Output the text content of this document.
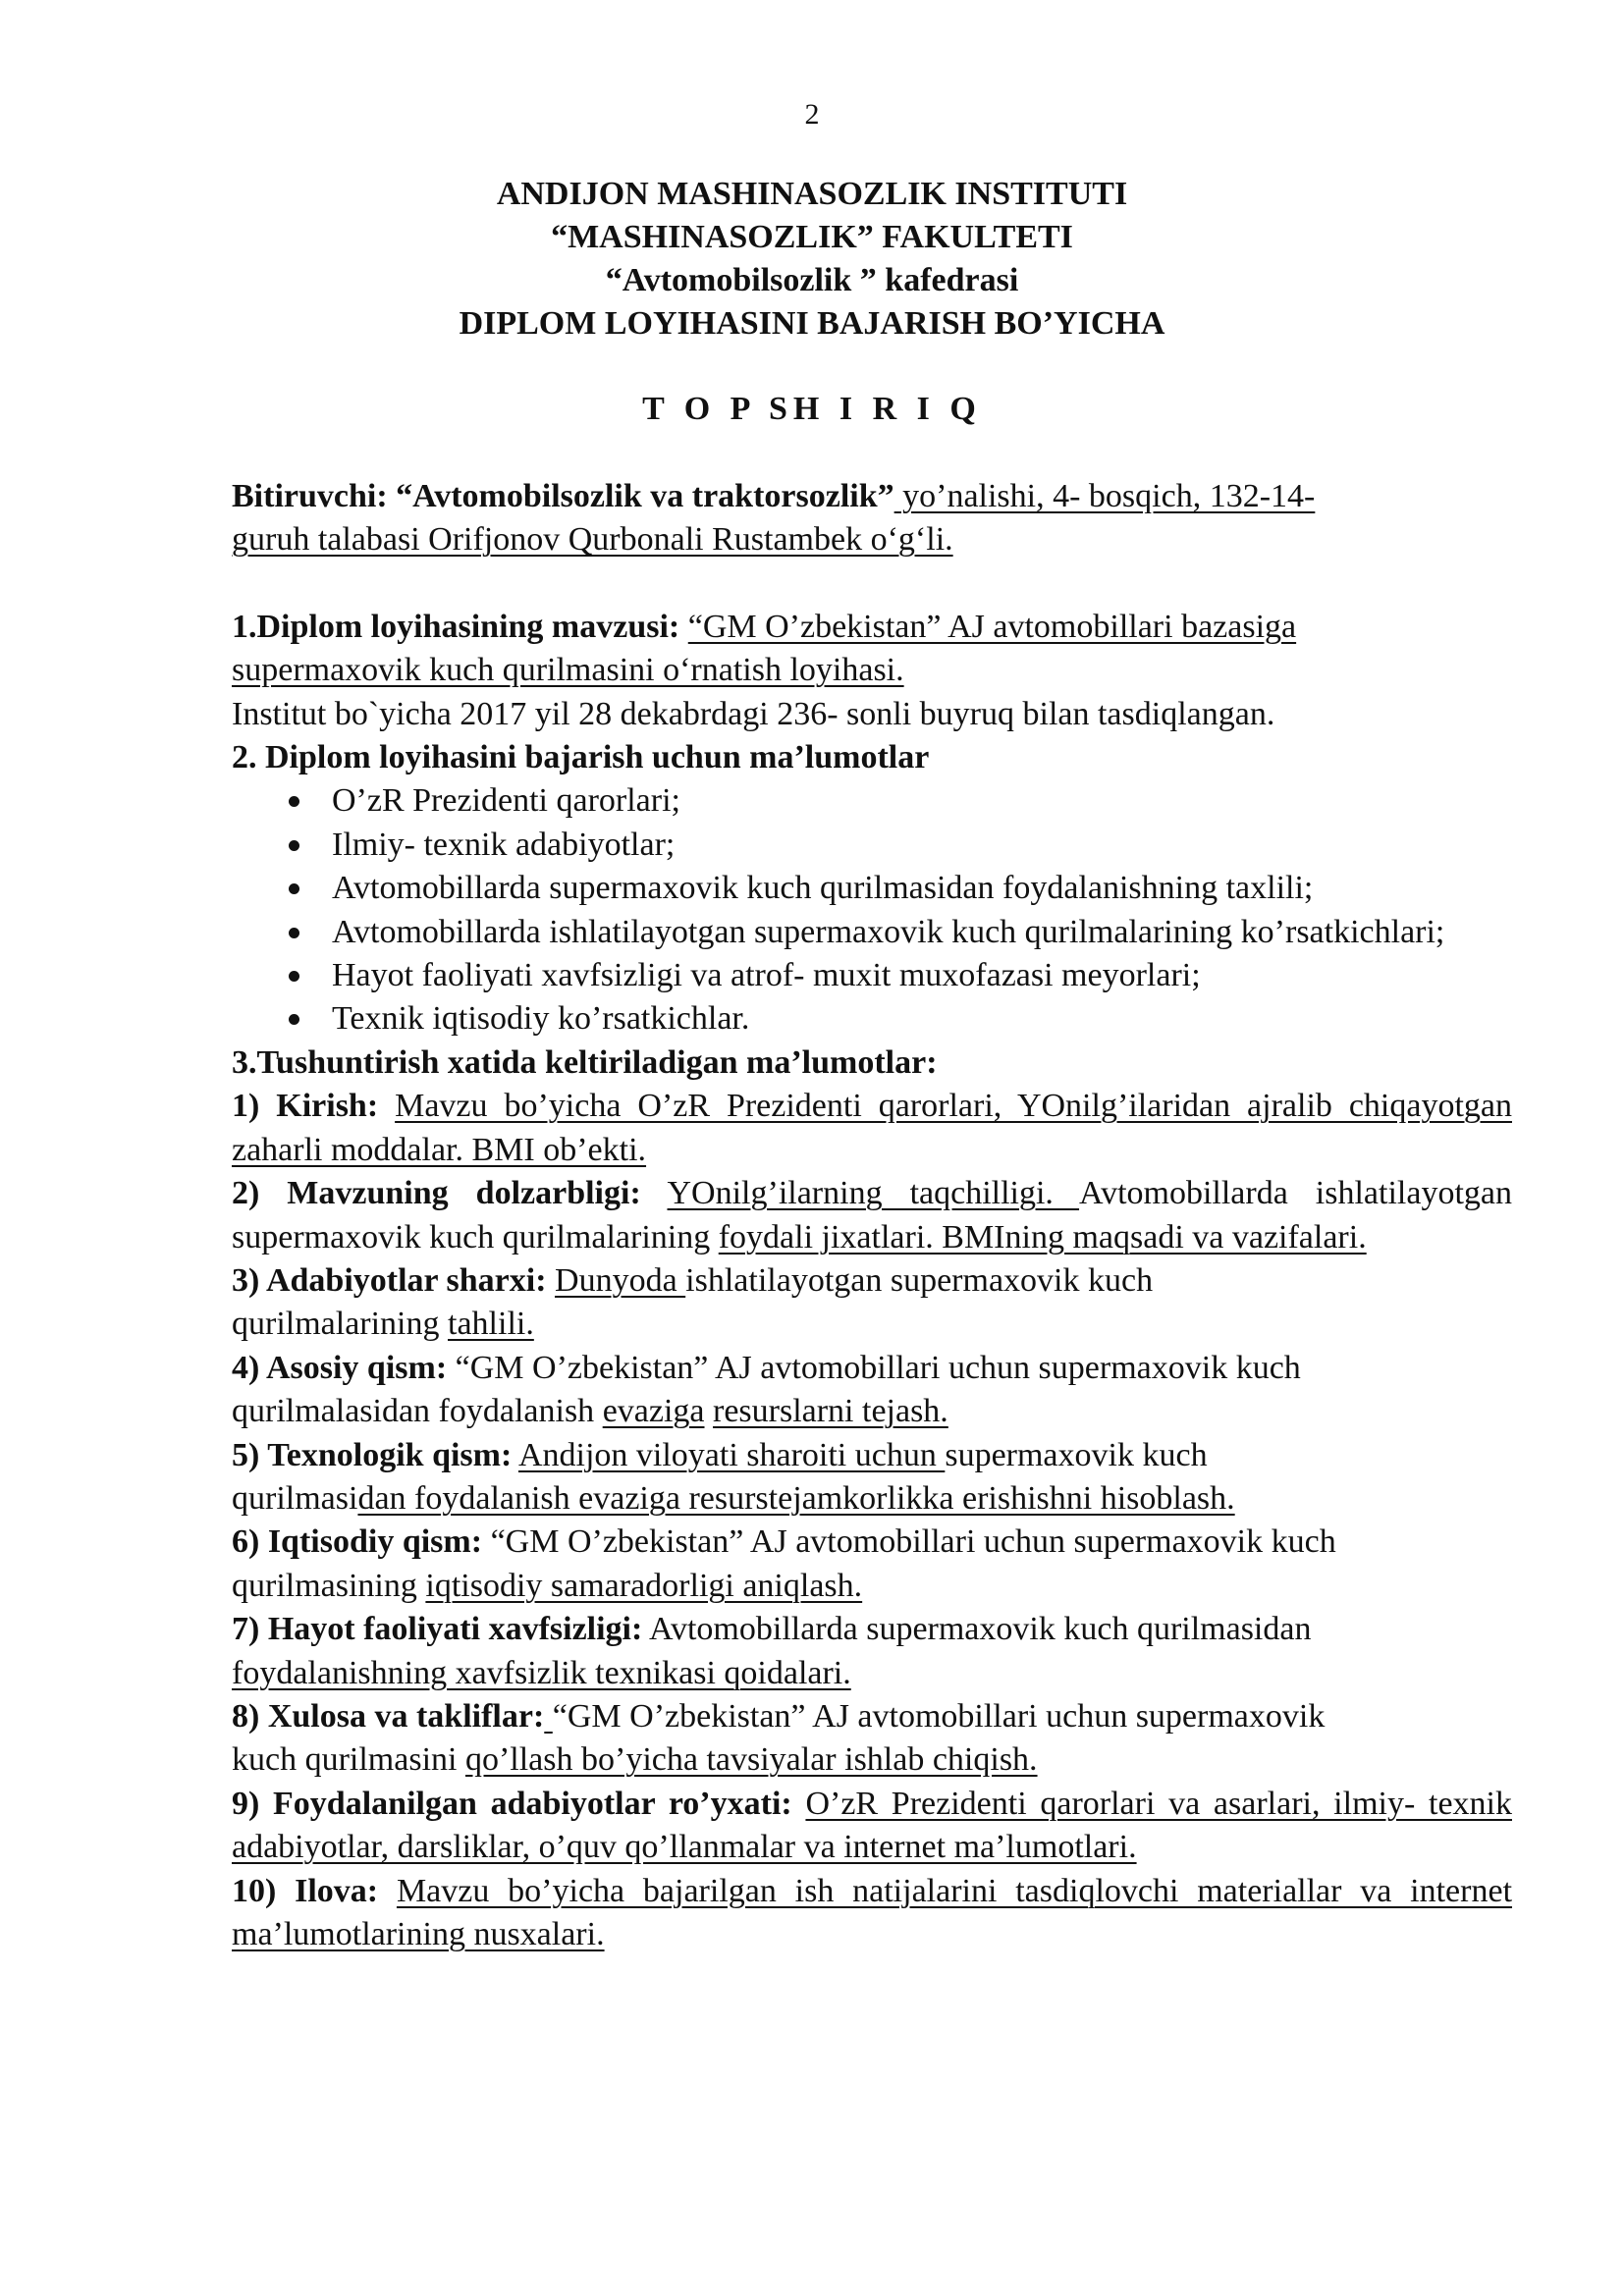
2
ANDIJON MASHINASOZLIK INSTITUTI
“MASHINASOZLIK” FAKULTETI
“Avtomobilsozlik ” kafedrasi
DIPLOM LOYIHASINI BAJARISH BO’YICHA
T O P SH I R I Q

Bitiruvchi: “Avtomobilsozlik va traktorsozlik” yo’nalishi, 4- bosqich, 132-14-
guruh talabasi Orifjonov Qurbonali Rustambek o‘g‘li.

1.Diplom loyihasining mavzusi: “GM O’zbekistan” AJ avtomobillari bazasiga
supermaxovik kuch qurilmasini o‘rnatish loyihasi.

Institut bo`yicha 2017 yil 28 dekabrdagi 236- sonli buyruq bilan tasdiqlangan.

2. Diplom loyihasini bajarish uchun ma’lumotlar

O’zR Prezidenti qarorlari;
Ilmiy- texnik adabiyotlar;
Avtomobillarda supermaxovik kuch qurilmasidan foydalanishning taxlili;
Avtomobillarda ishlatilayotgan supermaxovik kuch qurilmalarining ko’rsatkichlari;
Hayot faoliyati xavfsizligi va atrof- muxit muxofazasi meyorlari;
Texnik iqtisodiy ko’rsatkichlar.

3.Tushuntirish xatida keltiriladigan ma’lumotlar:

1) Kirish: Mavzu bo’yicha O’zR Prezidenti qarorlari, YOnilg’ilaridan ajralib chiqayotgan zaharli moddalar. BMI ob’ekti.

2) Mavzuning dolzarbligi: YOnilg’ilarning taqchilligi. Avtomobillarda ishlatilayotgan supermaxovik kuch qurilmalarining foydali jixatlari. BMIning maqsadi va vazifalari.

3) Adabiyotlar sharxi: Dunyoda ishlatilayotgan supermaxovik kuch
qurilmalarining tahlili.

4) Asosiy qism: “GM O’zbekistan” AJ avtomobillari uchun supermaxovik kuch
qurilmalasidan foydalanish evaziga resurslarni tejash.

5) Texnologik qism: Andijon viloyati sharoiti uchun supermaxovik kuch
qurilmasidan foydalanish evaziga resurstejamkorlikka erishishni hisoblash.

6) Iqtisodiy qism: “GM O’zbekistan” AJ avtomobillari uchun supermaxovik kuch
qurilmasining iqtisodiy samaradorligi aniqlash.

7) Hayot faoliyati xavfsizligi: Avtomobillarda supermaxovik kuch qurilmasidan
foydalanishning xavfsizlik texnikasi qoidalari.

8) Xulosa va takliflar: “GM O’zbekistan” AJ avtomobillari uchun supermaxovik
kuch qurilmasini qo’llash bo’yicha tavsiyalar ishlab chiqish.

9) Foydalanilgan adabiyotlar ro’yxati: O’zR Prezidenti qarorlari va asarlari, ilmiy- texnik adabiyotlar, darsliklar, o’quv qo’llanmalar va internet ma’lumotlari.

10) Ilova: Mavzu bo’yicha bajarilgan ish natijalarini tasdiqlovchi materiallar va internet ma’lumotlarining nusxalari.
